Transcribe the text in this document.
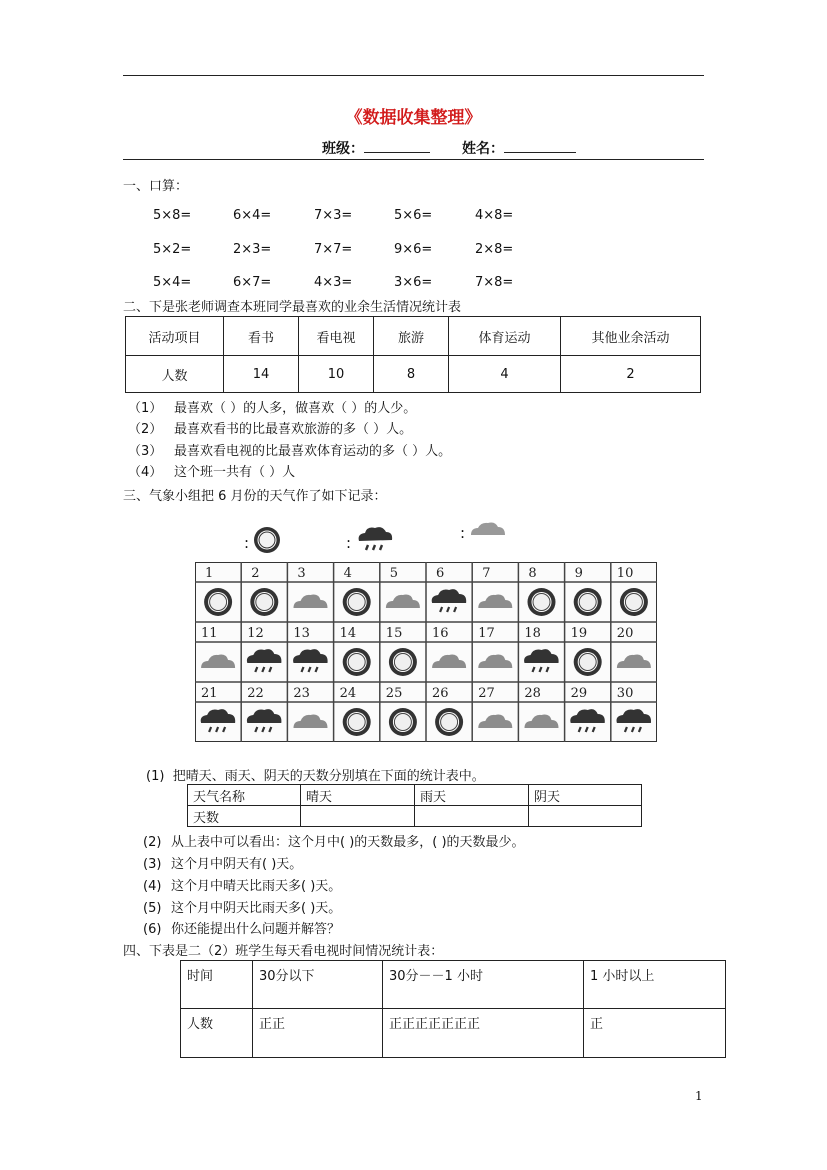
《数据收集整理》
班级：	姓名：
一、口算：
5×8=	6×4=	7×3=	5×6=	4×8=
5×2=	2×3=	7×7=	9×6=	2×8=
5×4=	6×7=	4×3=	3×6=	7×8=
二、下是张老师调查本班同学最喜欢的业余生活情况统计表
活动项目	看书	看电视	旅游	体育运动	其他业余活动
人数	14	10	8	4	2
（1） 最喜欢（ ）的人多，做喜欢（ ）的人少。
（2） 最喜欢看书的比最喜欢旅游的多（ ）人。
（3） 最喜欢看电视的比最喜欢体育运动的多（ ）人。
（4） 这个班一共有（ ）人
三、气象小组把 6 月份的天气作了如下记录：
:	:
:
1	2	3	4	5	6	7	8	9	10
11 12 13 14 15 16 17 18 19 20
21 22 23 24 25 26 27 28 29 30
(1) 把晴天、雨天、阴天的天数分别填在下面的统计表中。
天气名称	晴天	雨天	阴天
天数			
(2) 从上表中可以看出：这个月中( )的天数最多，( )的天数最少。
(3) 这个月中阴天有( )天。
(4) 这个月中晴天比雨天多( )天。
(5) 这个月中阴天比雨天多( )天。
(6) 你还能提出什么问题并解答？
四、下表是二（2）班学生每天看电视时间情况统计表：
时间	30分以下	30分－－1 小时	1 小时以上
人数	正正	正正正正正正正	正
1
